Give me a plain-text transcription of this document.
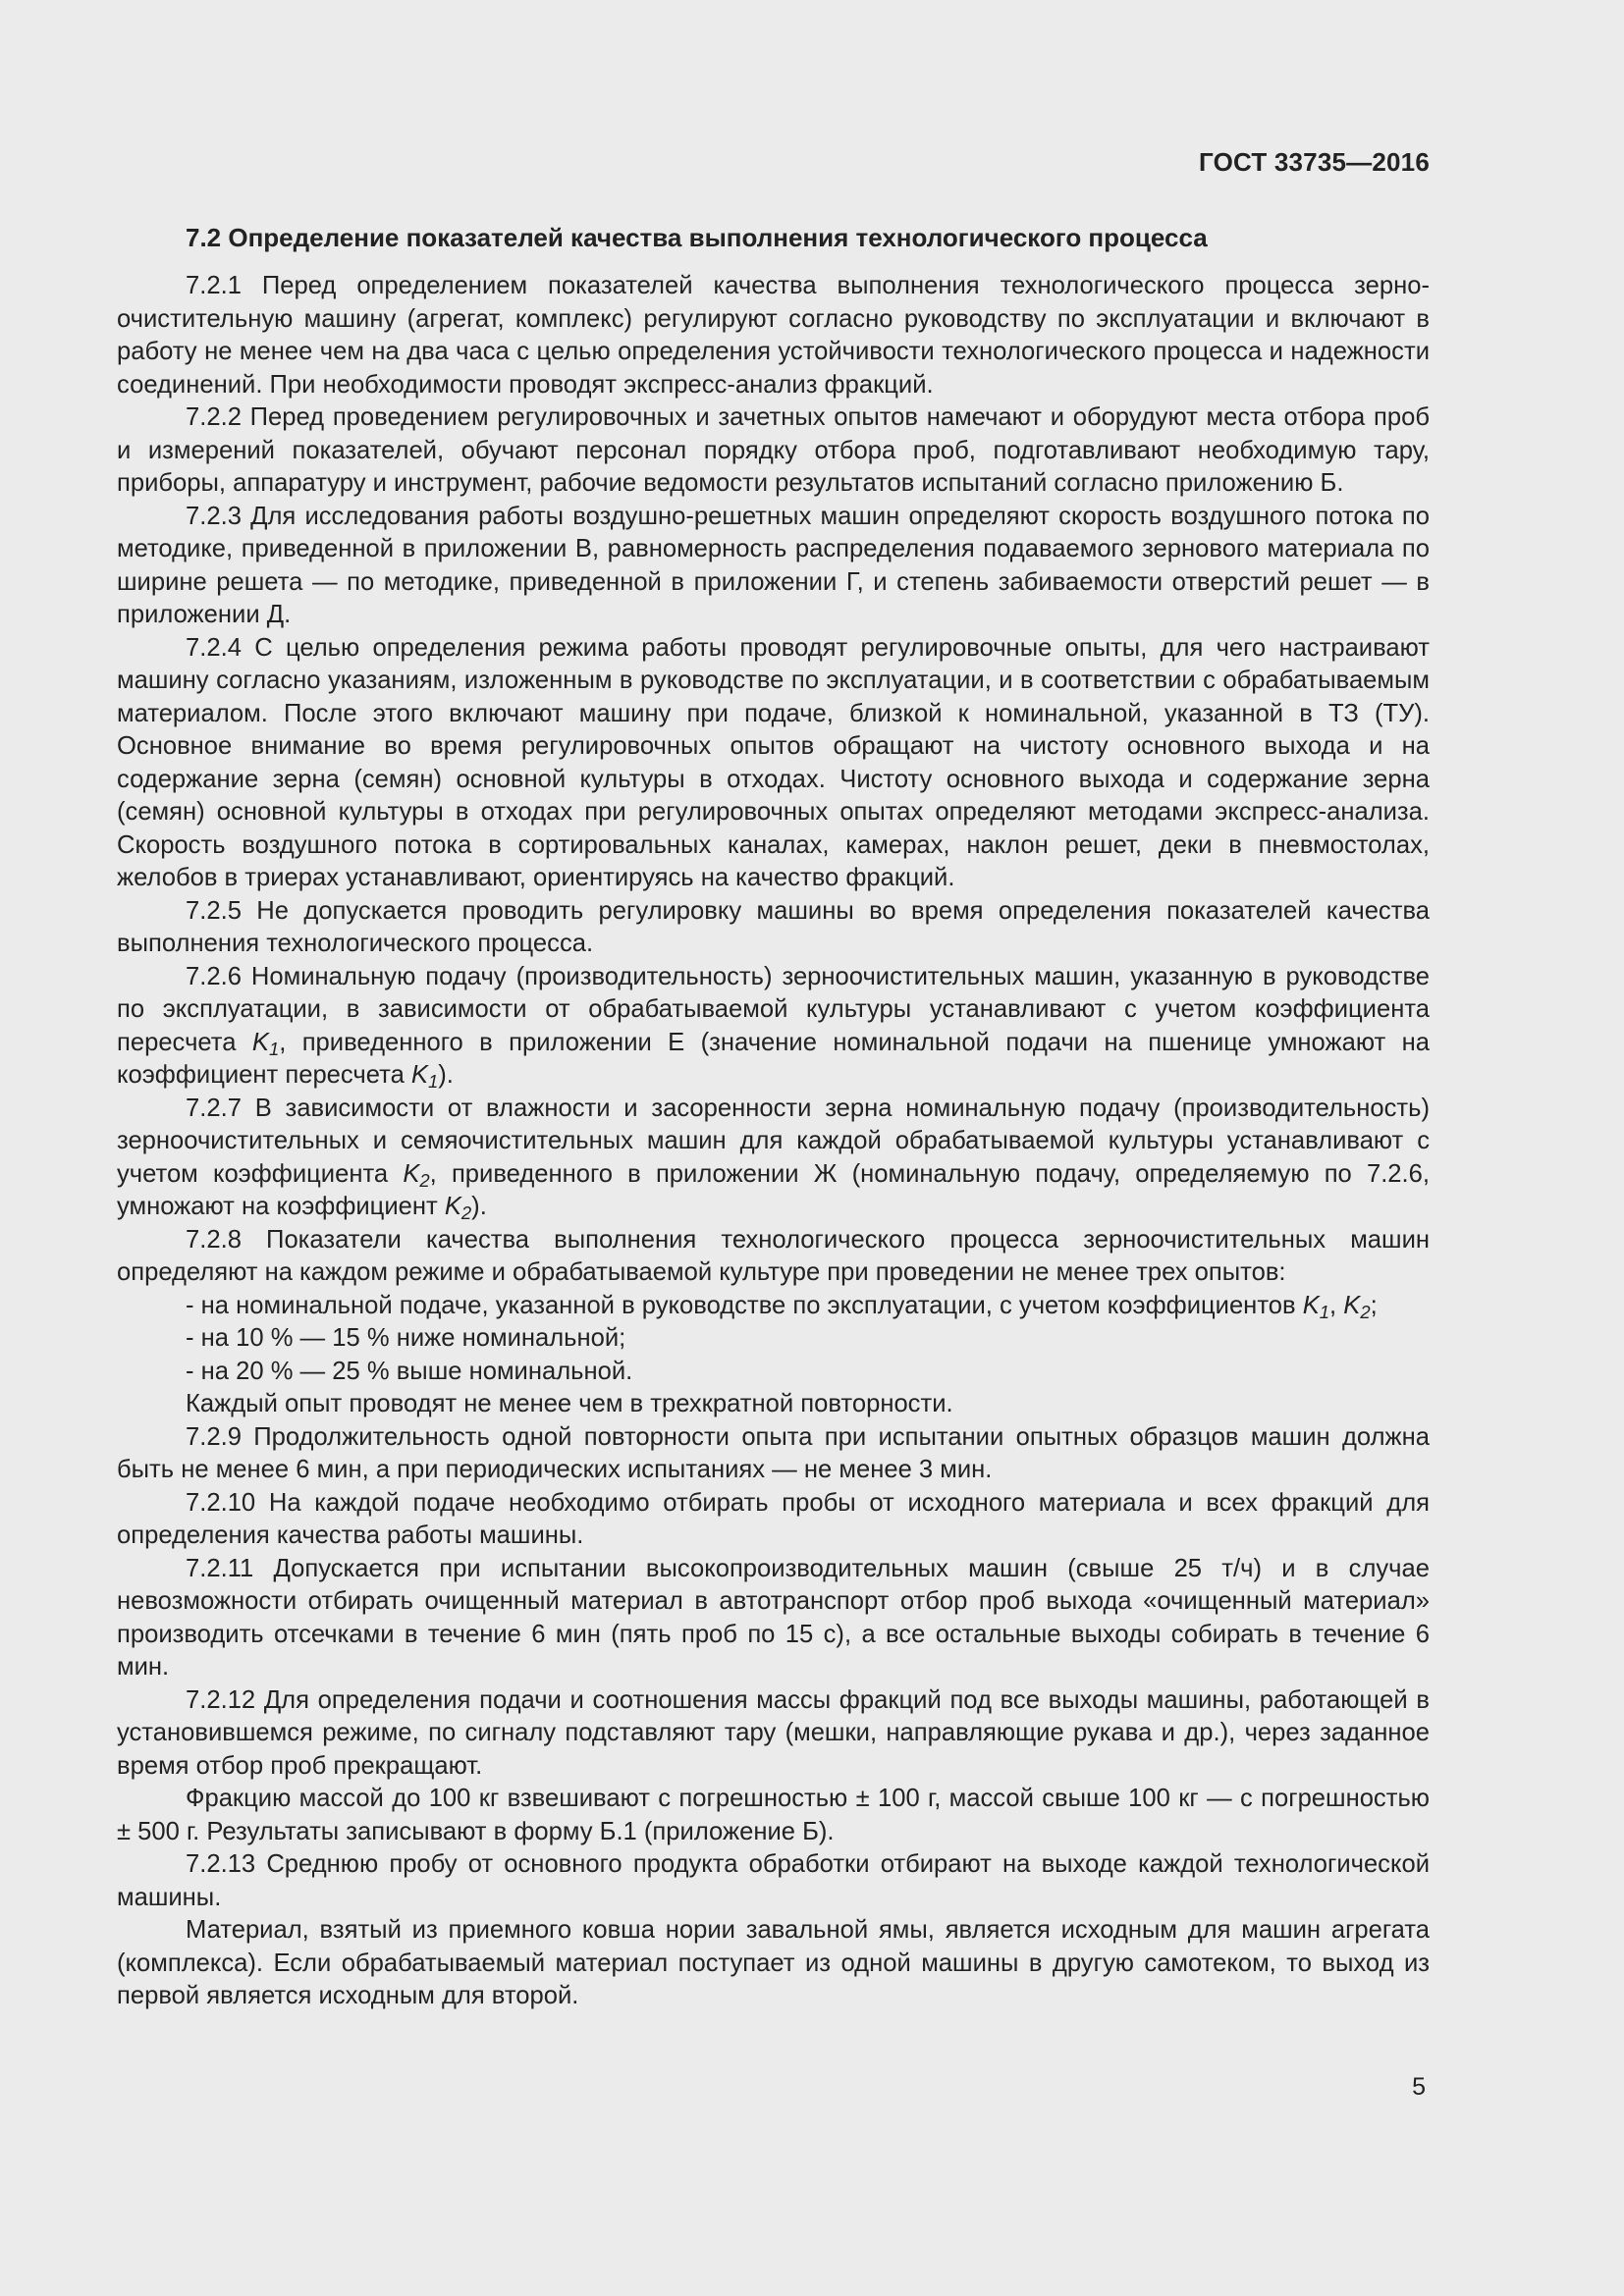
ГОСТ 33735—2016
7.2 Определение показателей качества выполнения технологического процесса

7.2.1 Перед определением показателей качества выполнения технологического процесса зерноочистительную машину (агрегат, комплекс) регулируют согласно руководству по эксплуатации и включают в работу не менее чем на два часа с целью определения устойчивости технологического процесса и надежности соединений. При необходимости проводят экспресс-анализ фракций.

7.2.2 Перед проведением регулировочных и зачетных опытов намечают и оборудуют места отбора проб и измерений показателей, обучают персонал порядку отбора проб, подготавливают необходимую тару, приборы, аппаратуру и инструмент, рабочие ведомости результатов испытаний согласно приложению Б.

7.2.3 Для исследования работы воздушно-решетных машин определяют скорость воздушного потока по методике, приведенной в приложении В, равномерность распределения подаваемого зернового материала по ширине решета — по методике, приведенной в приложении Г, и степень забиваемости отверстий решет — в приложении Д.

7.2.4 С целью определения режима работы проводят регулировочные опыты, для чего настраивают машину согласно указаниям, изложенным в руководстве по эксплуатации, и в соответствии с обрабатываемым материалом. После этого включают машину при подаче, близкой к номинальной, указанной в ТЗ (ТУ). Основное внимание во время регулировочных опытов обращают на чистоту основного выхода и на содержание зерна (семян) основной культуры в отходах. Чистоту основного выхода и содержание зерна (семян) основной культуры в отходах при регулировочных опытах определяют методами экспресс-анализа. Скорость воздушного потока в сортировальных каналах, камерах, наклон решет, деки в пневмостолах, желобов в триерах устанавливают, ориентируясь на качество фракций.

7.2.5 Не допускается проводить регулировку машины во время определения показателей качества выполнения технологического процесса.

7.2.6 Номинальную подачу (производительность) зерноочистительных машин, указанную в руководстве по эксплуатации, в зависимости от обрабатываемой культуры устанавливают с учетом коэффициента пересчета $K_1$, приведенного в приложении Е (значение номинальной подачи на пшенице умножают на коэффициент пересчета $K_1$).

7.2.7 В зависимости от влажности и засоренности зерна номинальную подачу (производительность) зерноочистительных и семяочистительных машин для каждой обрабатываемой культуры устанавливают с учетом коэффициента $K_2$, приведенного в приложении Ж (номинальную подачу, определяемую по 7.2.6, умножают на коэффициент $K_2$).

7.2.8 Показатели качества выполнения технологического процесса зерноочистительных машин определяют на каждом режиме и обрабатываемой культуре при проведении не менее трех опытов:

- на номинальной подаче, указанной в руководстве по эксплуатации, с учетом коэффициентов $K_1$, $K_2$;

- на 10 % — 15 % ниже номинальной;

- на 20 % — 25 % выше номинальной.

Каждый опыт проводят не менее чем в трехкратной повторности.

7.2.9 Продолжительность одной повторности опыта при испытании опытных образцов машин должна быть не менее 6 мин, а при периодических испытаниях — не менее 3 мин.

7.2.10 На каждой подаче необходимо отбирать пробы от исходного материала и всех фракций для определения качества работы машины.

7.2.11 Допускается при испытании высокопроизводительных машин (свыше 25 т/ч) и в случае невозможности отбирать очищенный материал в автотранспорт отбор проб выхода «очищенный материал» производить отсечками в течение 6 мин (пять проб по 15 с), а все остальные выходы собирать в течение 6 мин.

7.2.12 Для определения подачи и соотношения массы фракций под все выходы машины, работающей в установившемся режиме, по сигналу подставляют тару (мешки, направляющие рукава и др.), через заданное время отбор проб прекращают.

Фракцию массой до 100 кг взвешивают с погрешностью ± 100 г, массой свыше 100 кг — с погрешностью ± 500 г. Результаты записывают в форму Б.1 (приложение Б).

7.2.13 Среднюю пробу от основного продукта обработки отбирают на выходе каждой технологической машины.

Материал, взятый из приемного ковша нории завальной ямы, является исходным для машин агрегата (комплекса). Если обрабатываемый материал поступает из одной машины в другую самотеком, то выход из первой является исходным для второй.

5
